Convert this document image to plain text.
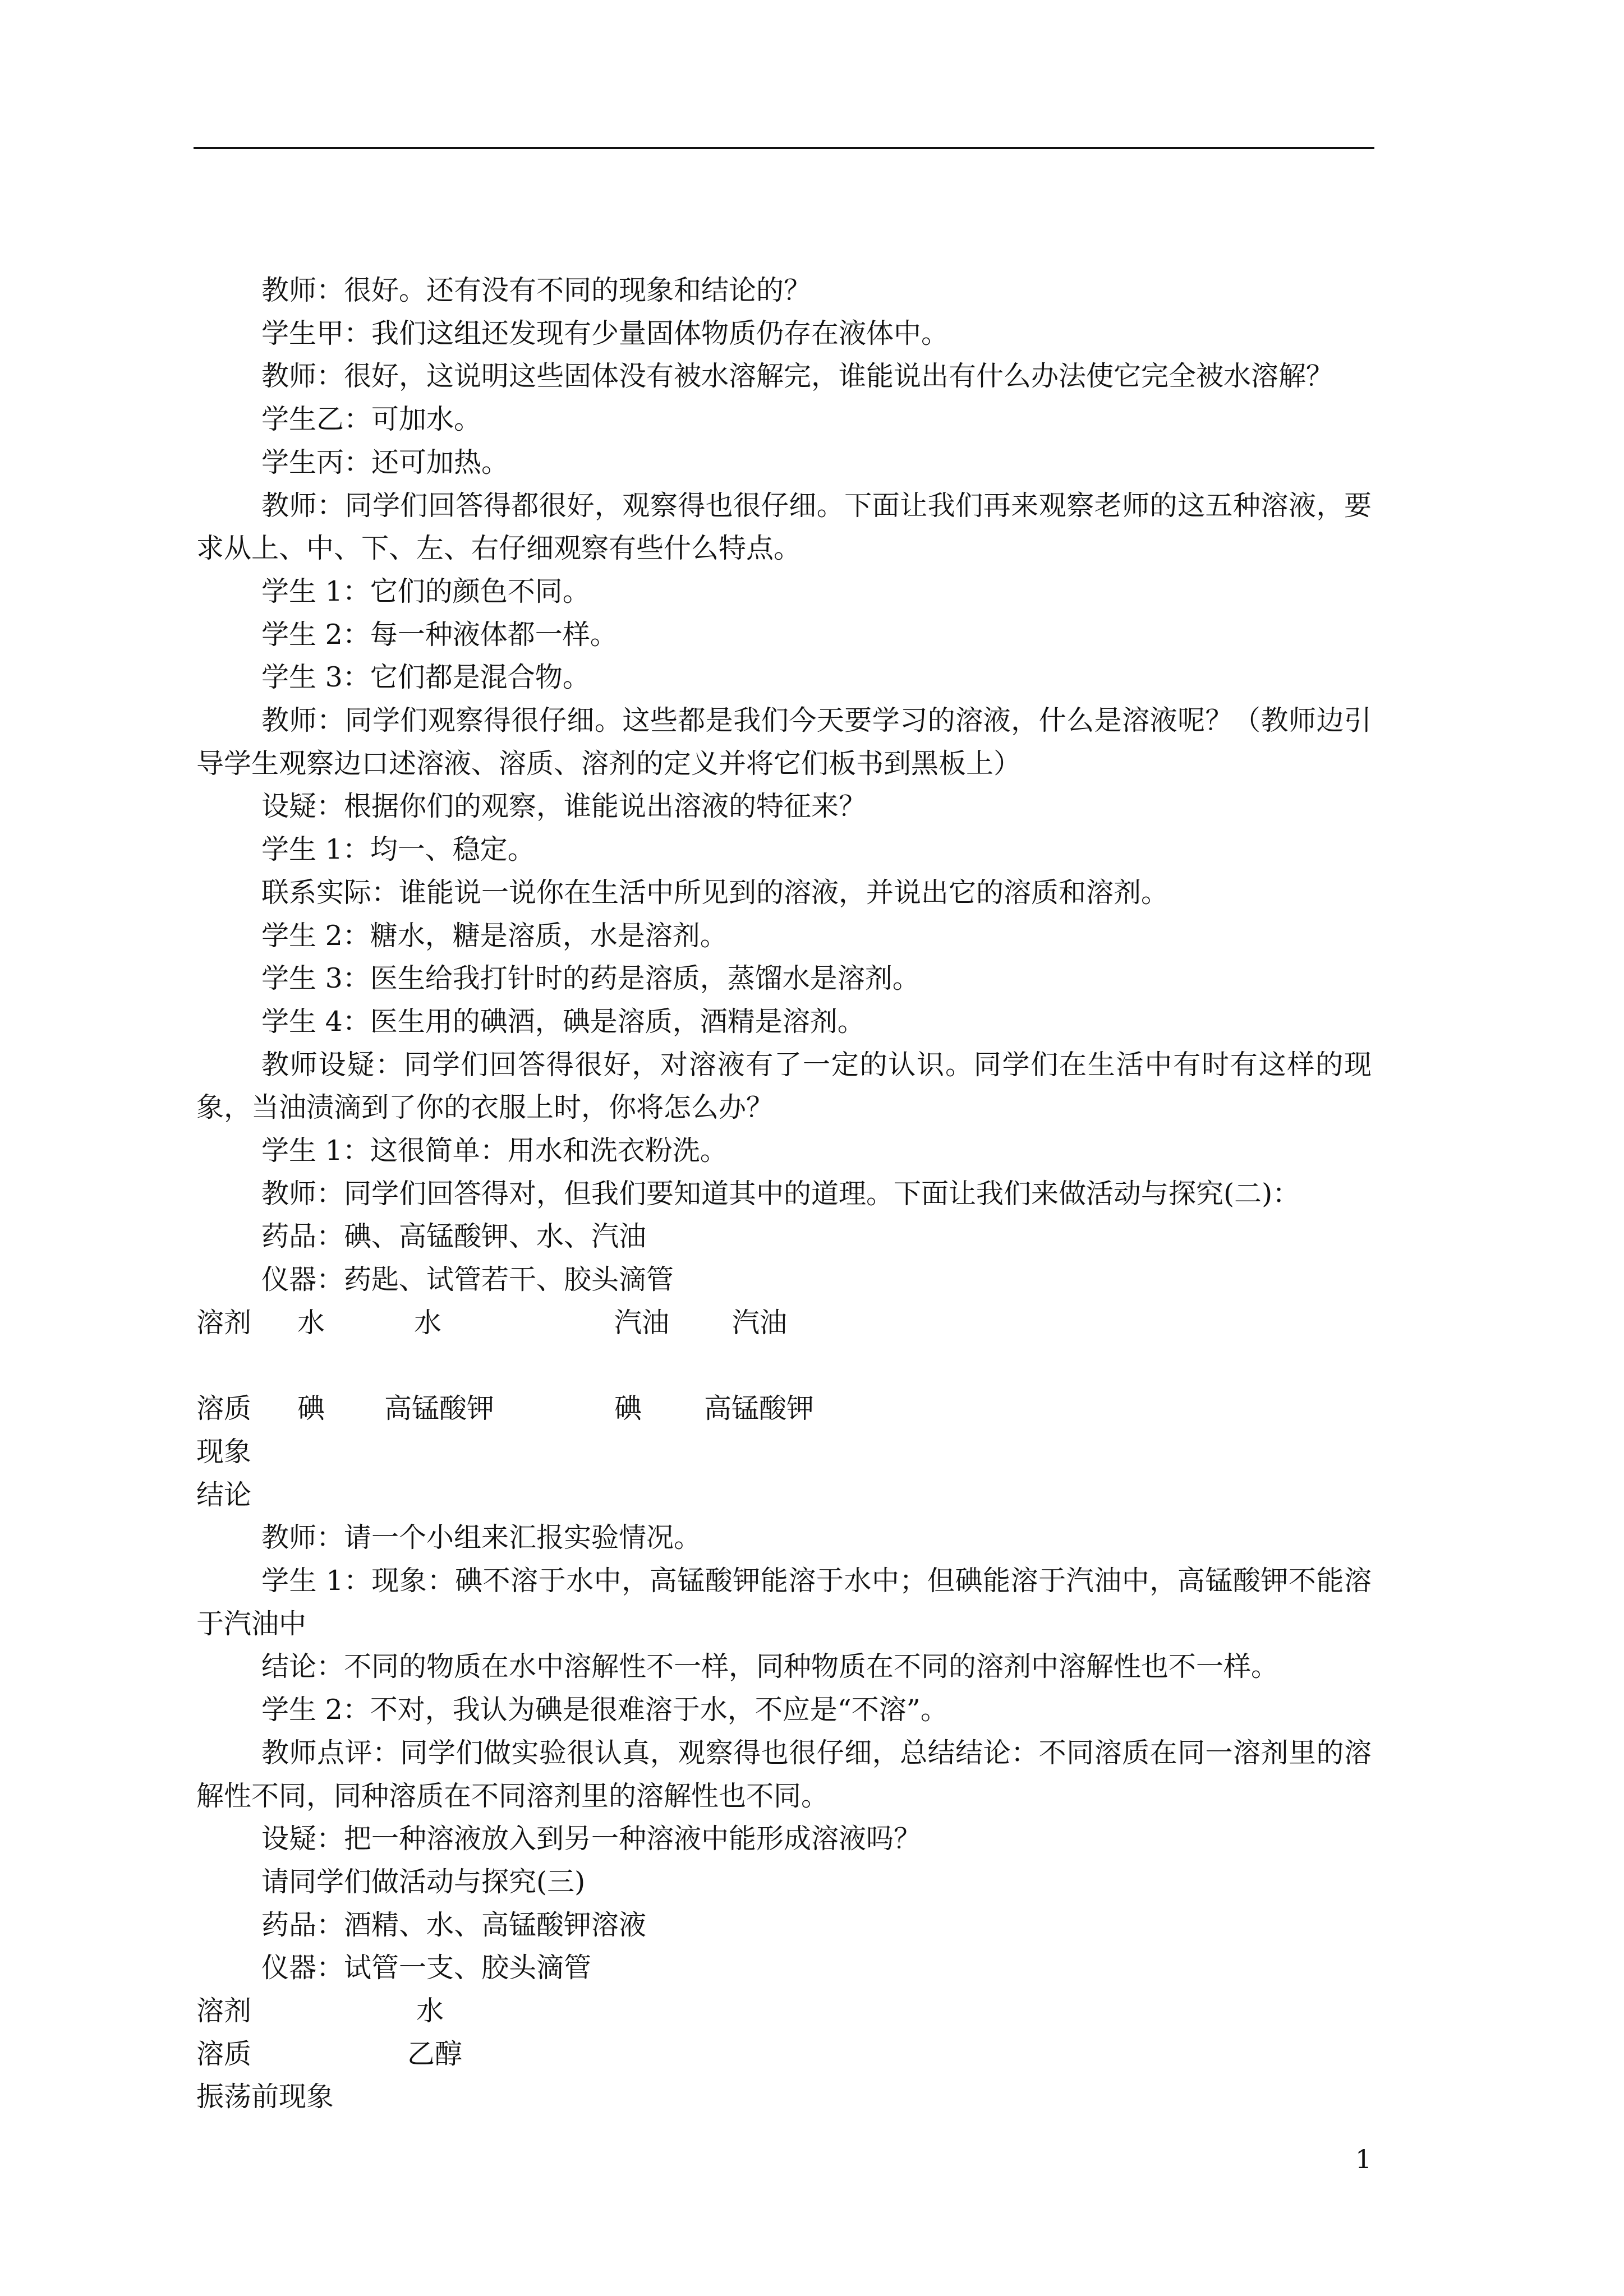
教师：很好。还有没有不同的现象和结论的？
学生甲：我们这组还发现有少量固体物质仍存在液体中。
教师：很好，这说明这些固体没有被水溶解完，谁能说出有什么办法使它完全被水溶解？
学生乙：可加水。
学生丙：还可加热。
教师：同学们回答得都很好，观察得也很仔细。下面让我们再来观察老师的这五种溶液，要求从上、中、下、左、右仔细观察有些什么特点。
学生 1：它们的颜色不同。
学生 2：每一种液体都一样。
学生 3：它们都是混合物。
教师：同学们观察得很仔细。这些都是我们今天要学习的溶液，什么是溶液呢？（教师边引导学生观察边口述溶液、溶质、溶剂的定义并将它们板书到黑板上）
设疑：根据你们的观察，谁能说出溶液的特征来？
学生 1：均一、稳定。
联系实际：谁能说一说你在生活中所见到的溶液，并说出它的溶质和溶剂。
学生 2：糖水，糖是溶质，水是溶剂。
学生 3：医生给我打针时的药是溶质，蒸馏水是溶剂。
学生 4：医生用的碘酒，碘是溶质，酒精是溶剂。
教师设疑：同学们回答得很好，对溶液有了一定的认识。同学们在生活中有时有这样的现象，当油渍滴到了你的衣服上时，你将怎么办？
学生 1：这很简单：用水和洗衣粉洗。
教师：同学们回答得对，但我们要知道其中的道理。下面让我们来做活动与探究(二)：
药品：碘、高锰酸钾、水、汽油
仪器：药匙、试管若干、胶头滴管
溶剂 水	水	汽油 汽油
溶质 碘 高锰酸钾	碘 高锰酸钾
现象
结论
教师：请一个小组来汇报实验情况。
学生 1：现象：碘不溶于水中，高锰酸钾能溶于水中；但碘能溶于汽油中，高锰酸钾不能溶于汽油中
结论：不同的物质在水中溶解性不一样，同种物质在不同的溶剂中溶解性也不一样。
学生 2：不对，我认为碘是很难溶于水，不应是“不溶”。
教师点评：同学们做实验很认真，观察得也很仔细，总结结论：不同溶质在同一溶剂里的溶解性不同，同种溶质在不同溶剂里的溶解性也不同。
设疑：把一种溶液放入到另一种溶液中能形成溶液吗？
请同学们做活动与探究(三)
药品：酒精、水、高锰酸钾溶液
仪器：试管一支、胶头滴管
溶剂	水
溶质	乙醇
振荡前现象
1
